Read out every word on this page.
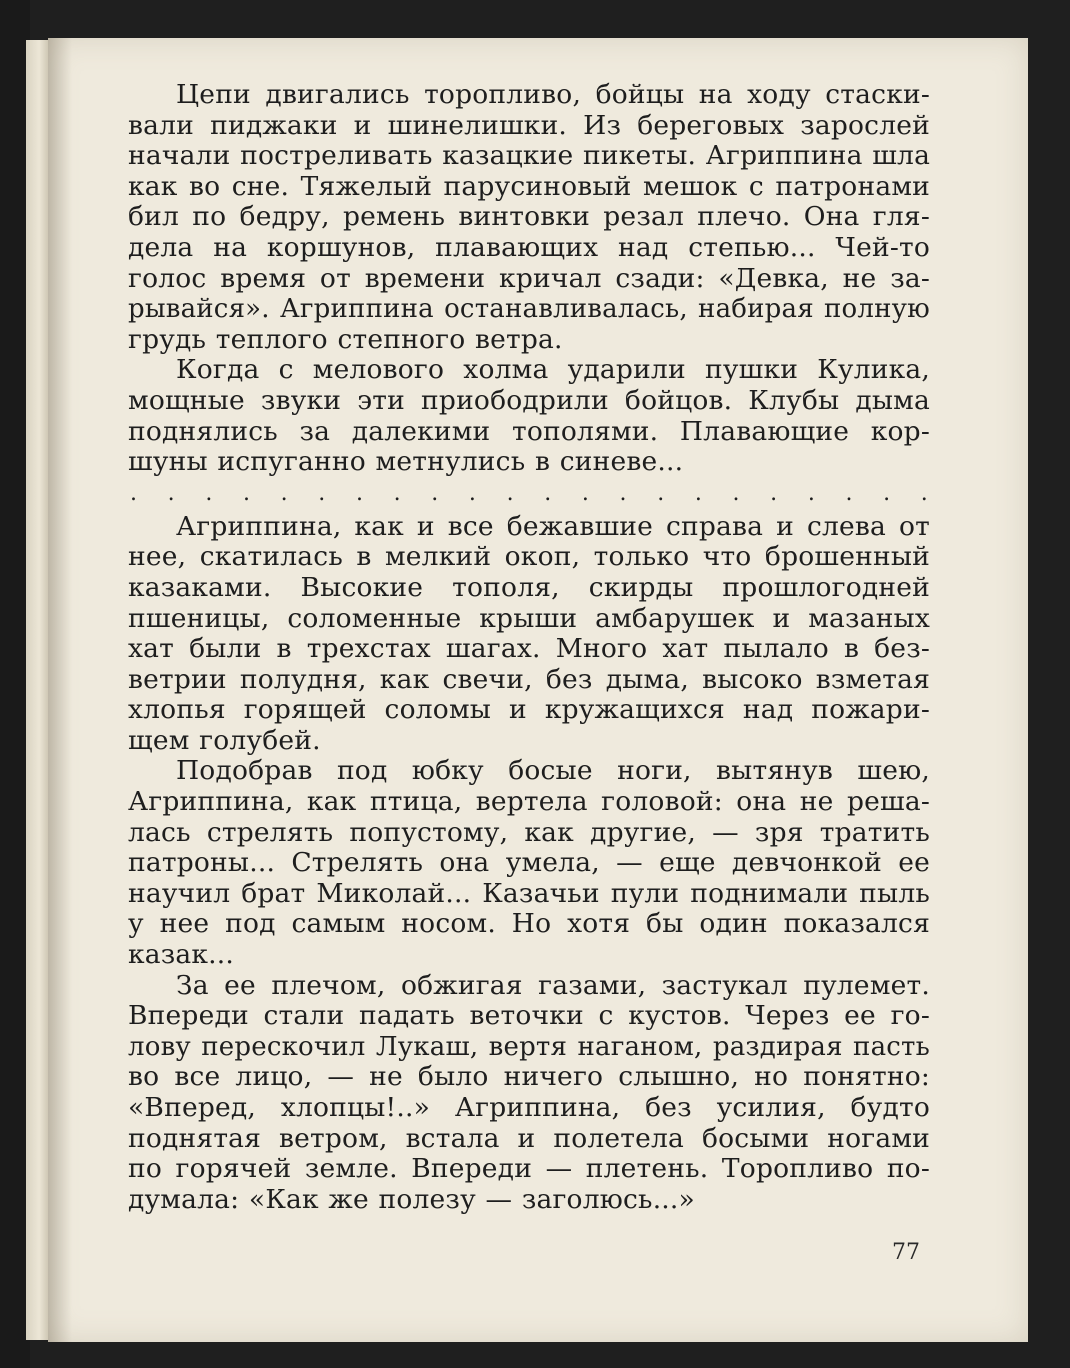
Цепи двигались торопливо, бойцы на ходу стаски-
вали пиджаки и шинелишки. Из береговых зарослей
начали постреливать казацкие пикеты. Агриппина шла
как во сне. Тяжелый парусиновый мешок с патронами
бил по бедру, ремень винтовки резал плечо. Она гля-
дела на коршунов, плавающих над степью... Чей-то
голос время от времени кричал сзади: «Девка, не за-
рывайся». Агриппина останавливалась, набирая полную
грудь теплого степного ветра.

Когда с мелового холма ударили пушки Кулика,
мощные звуки эти приободрили бойцов. Клубы дыма
поднялись за далекими тополями. Плавающие кор-
шуны испуганно метнулись в синеве...

. . . . . . . . . . . . . . . . . . . . . .

Агриппина, как и все бежавшие справа и слева от
нее, скатилась в мелкий окоп, только что брошенный
казаками. Высокие тополя, скирды прошлогодней
пшеницы, соломенные крыши амбарушек и мазаных
хат были в трехстах шагах. Много хат пылало в без-
ветрии полудня, как свечи, без дыма, высоко взметая
хлопья горящей соломы и кружащихся над пожари-
щем голубей.

Подобрав под юбку босые ноги, вытянув шею,
Агриппина, как птица, вертела головой: она не реша-
лась стрелять попустому, как другие, — зря тратить
патроны... Стрелять она умела, — еще девчонкой ее
научил брат Миколай... Казачьи пули поднимали пыль
у нее под самым носом. Но хотя бы один показался
казак...

За ее плечом, обжигая газами, застукал пулемет.
Впереди стали падать веточки с кустов. Через ее го-
лову перескочил Лукаш, вертя наганом, раздирая пасть
во все лицо, — не было ничего слышно, но понятно:
«Вперед, хлопцы!..» Агриппина, без усилия, будто
поднятая ветром, встала и полетела босыми ногами
по горячей земле. Впереди — плетень. Торопливо по-
думала: «Как же полезу — заголюсь...»

77
